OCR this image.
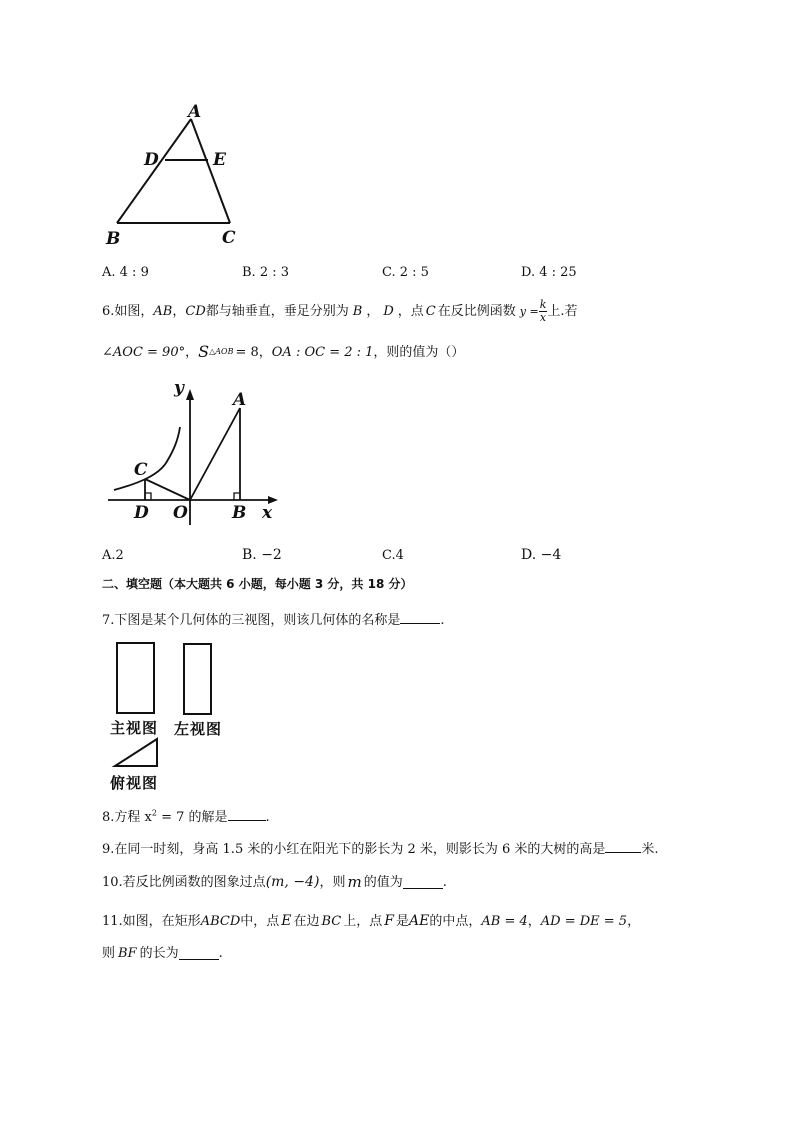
A
D	E
B	C
A. 4 : 9	B. 2 : 3	C. 2 : 5	D. 4 : 25
6.如图， AB ， CD 都与轴垂直，垂足分别为 B ， D ，点 C 在反比例函数 $y = \frac{k}{x}$ 上.若
∠AOC = 90° ， S △AOB = 8 ， OA : OC = 2 : 1 ，则的值为（）
y
A
C
D O	B x
A.2	B. −2	C.4	D. −4
二、填空题（本大题共 6 小题，每小题 3 分，共 18 分）
7.下图是某个几何体的三视图，则该几何体的名称是	.
主视图 左视图
俯视图
8.方程 $x^2 = 7$ 的解是	.
9.在同一时刻，身高 1.5 米的小红在阳光下的影长为 2 米，则影长为 6 米的大树的高是	米.
10.若反比例函数的图象过点 (m, −4) ，则 m 的值为	.
11.如图，在矩形 ABCD 中，点 E 在边 BC 上，点 F 是 AE 的中点， AB = 4 ， AD = DE = 5 ，
则 BF 的长为	.
